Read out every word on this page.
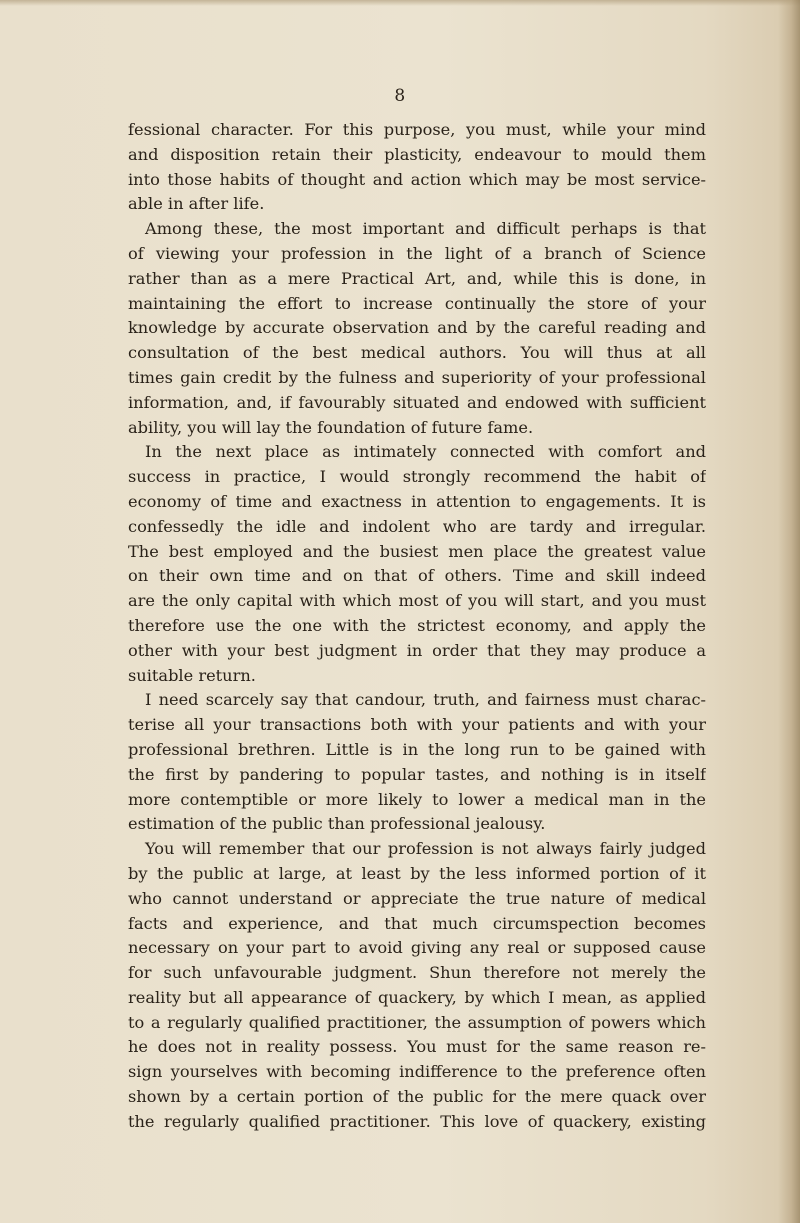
8
fessional character. For this purpose, you must, while your mind
and disposition retain their plasticity, endeavour to mould them
into those habits of thought and action which may be most service-
able in after life.
Among these, the most important and difficult perhaps is that
of viewing your profession in the light of a branch of Science
rather than as a mere Practical Art, and, while this is done, in
maintaining the effort to increase continually the store of your
knowledge by accurate observation and by the careful reading and
consultation of the best medical authors. You will thus at all
times gain credit by the fulness and superiority of your professional
information, and, if favourably situated and endowed with sufficient
ability, you will lay the foundation of future fame.
In the next place as intimately connected with comfort and
success in practice, I would strongly recommend the habit of
economy of time and exactness in attention to engagements. It is
confessedly the idle and indolent who are tardy and irregular.
The best employed and the busiest men place the greatest value
on their own time and on that of others. Time and skill indeed
are the only capital with which most of you will start, and you must
therefore use the one with the strictest economy, and apply the
other with your best judgment in order that they may produce a
suitable return.
I need scarcely say that candour, truth, and fairness must charac-
terise all your transactions both with your patients and with your
professional brethren. Little is in the long run to be gained with
the first by pandering to popular tastes, and nothing is in itself
more contemptible or more likely to lower a medical man in the
estimation of the public than professional jealousy.
You will remember that our profession is not always fairly judged
by the public at large, at least by the less informed portion of it
who cannot understand or appreciate the true nature of medical
facts and experience, and that much circumspection becomes
necessary on your part to avoid giving any real or supposed cause
for such unfavourable judgment. Shun therefore not merely the
reality but all appearance of quackery, by which I mean, as applied
to a regularly qualified practitioner, the assumption of powers which
he does not in reality possess. You must for the same reason re-
sign yourselves with becoming indifference to the preference often
shown by a certain portion of the public for the mere quack over
the regularly qualified practitioner. This love of quackery, existing
